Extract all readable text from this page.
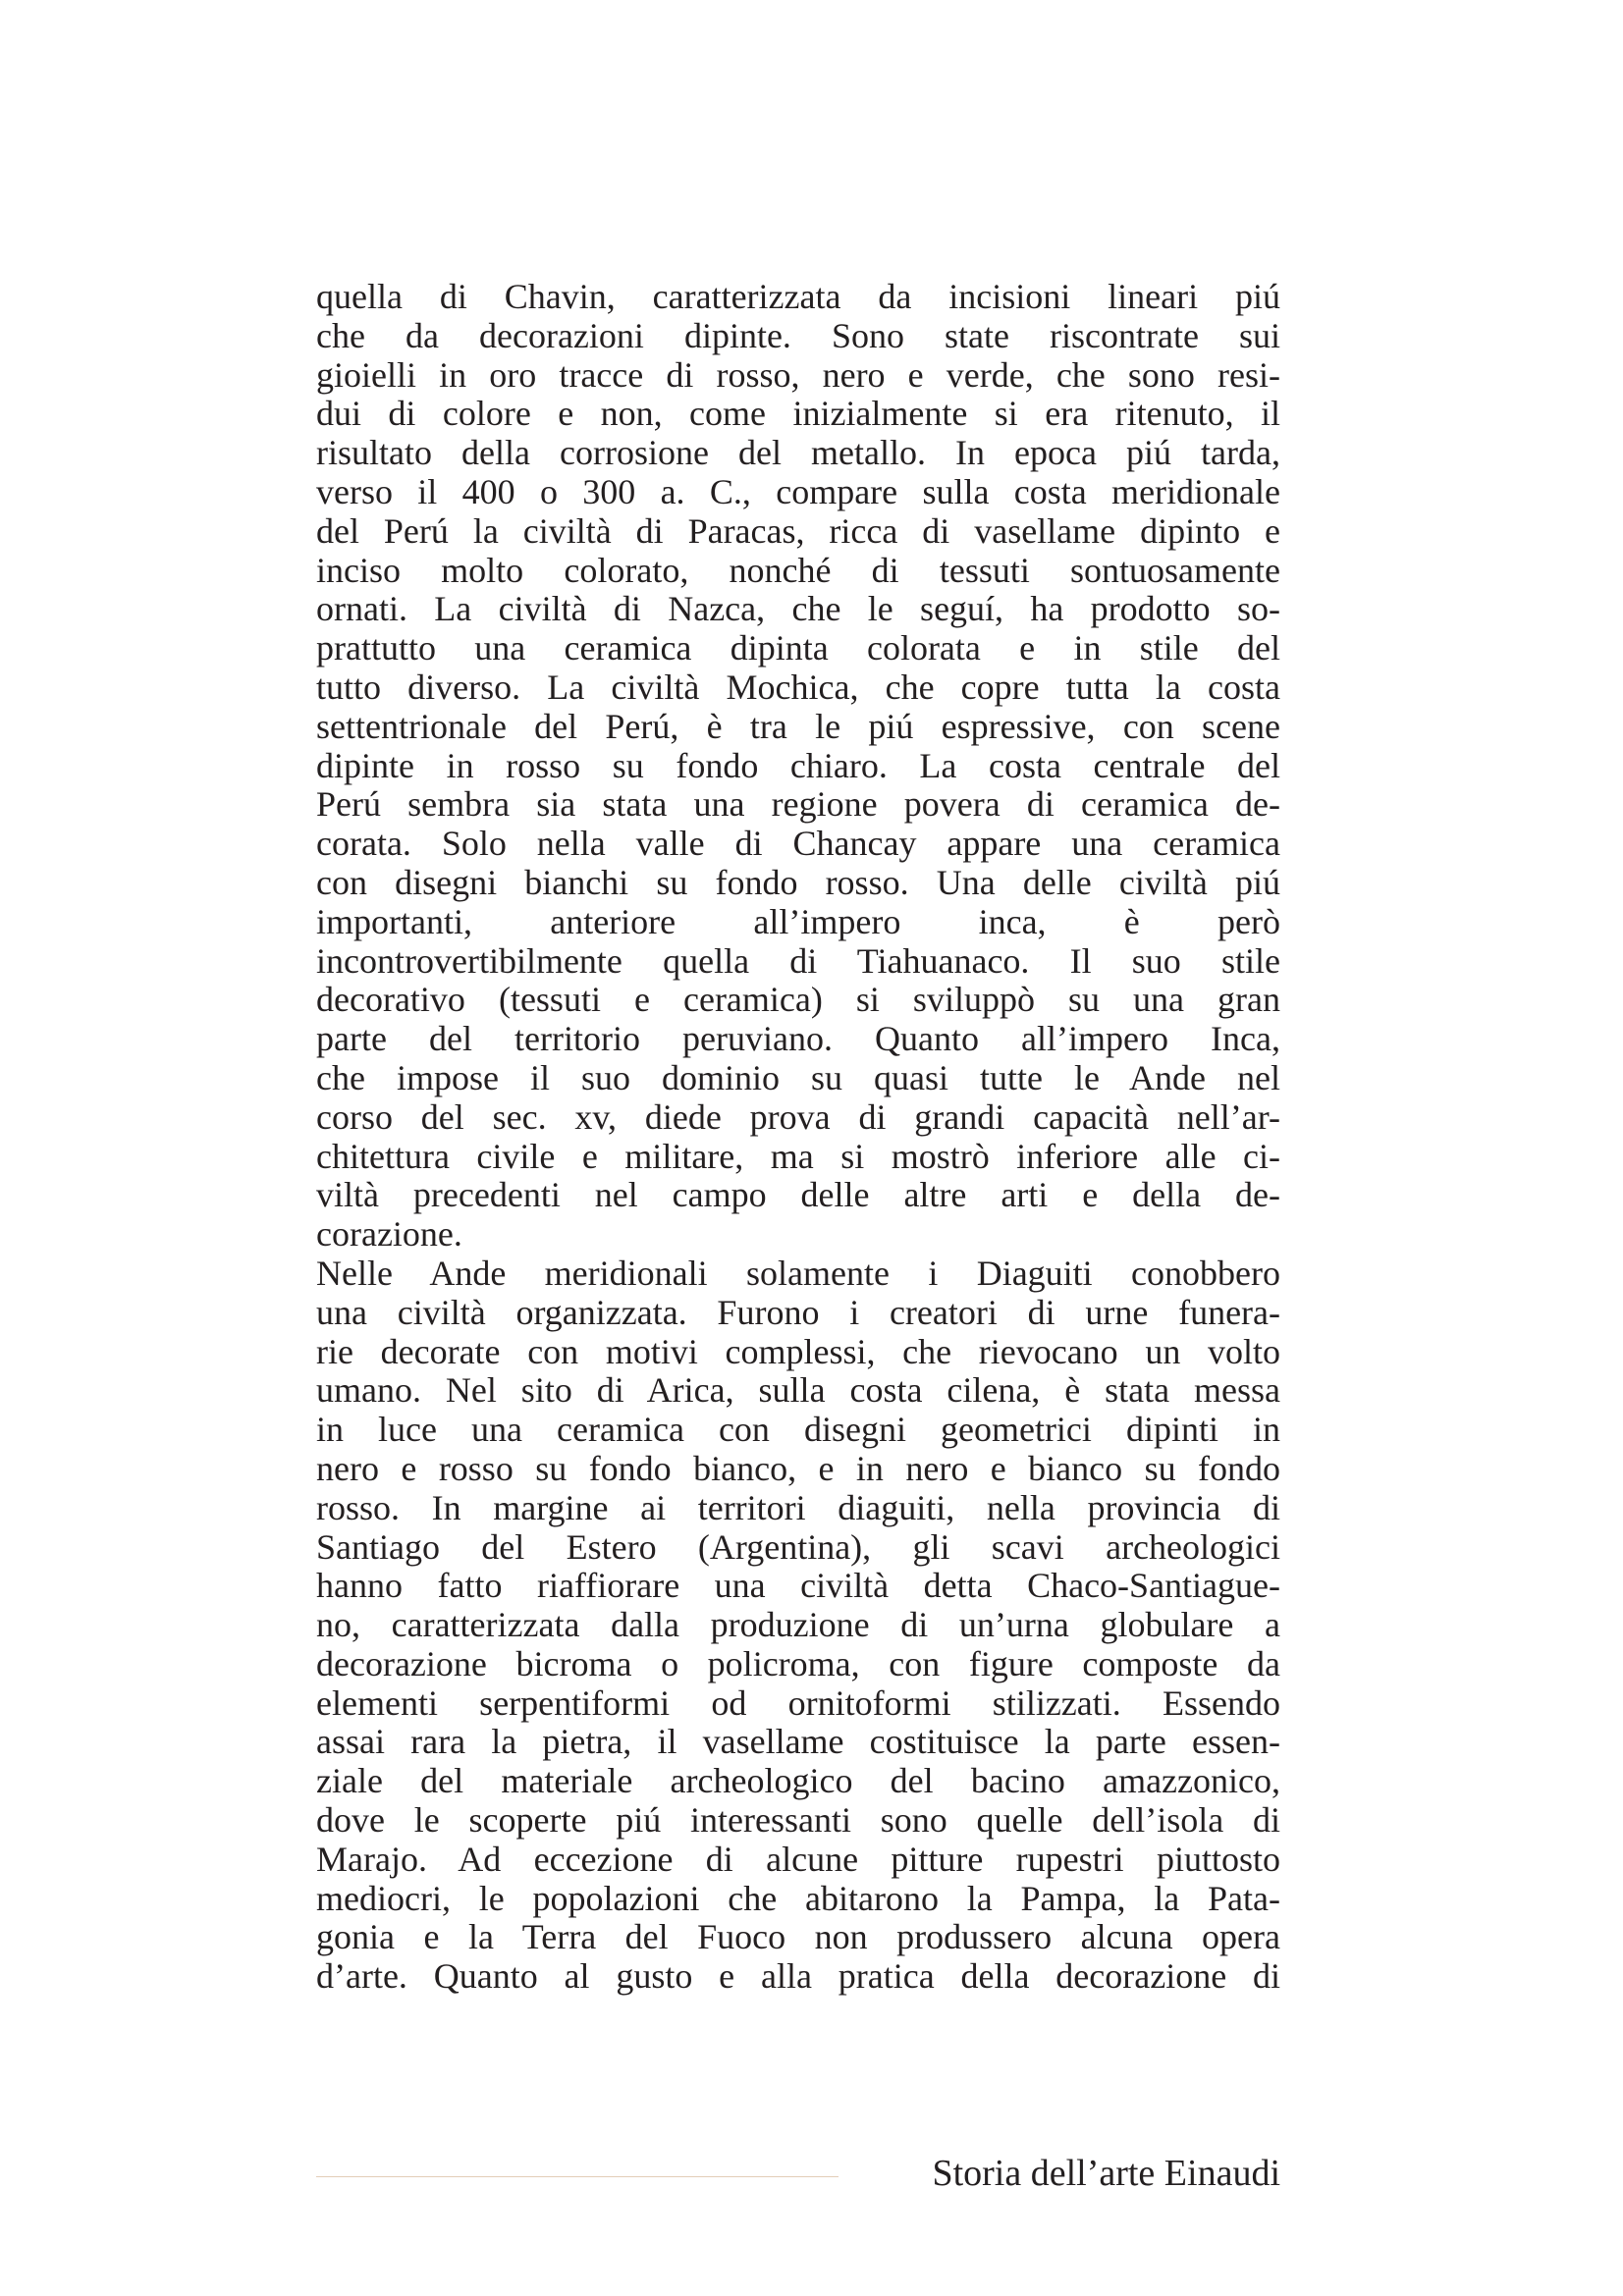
quella di Chavin, caratterizzata da incisioni lineari piú
che da decorazioni dipinte. Sono state riscontrate sui
gioielli in oro tracce di rosso, nero e verde, che sono resi-
dui di colore e non, come inizialmente si era ritenuto, il
risultato della corrosione del metallo. In epoca piú tarda,
verso il 400 o 300 a. C., compare sulla costa meridionale
del Perú la civiltà di Paracas, ricca di vasellame dipinto e
inciso molto colorato, nonché di tessuti sontuosamente
ornati. La civiltà di Nazca, che le seguí, ha prodotto so-
prattutto una ceramica dipinta colorata e in stile del
tutto diverso. La civiltà Mochica, che copre tutta la costa
settentrionale del Perú, è tra le piú espressive, con scene
dipinte in rosso su fondo chiaro. La costa centrale del
Perú sembra sia stata una regione povera di ceramica de-
corata. Solo nella valle di Chancay appare una ceramica
con disegni bianchi su fondo rosso. Una delle civiltà piú
importanti, anteriore all’impero inca, è però
incontrovertibilmente quella di Tiahuanaco. Il suo stile
decorativo (tessuti e ceramica) si sviluppò su una gran
parte del territorio peruviano. Quanto all’impero Inca,
che impose il suo dominio su quasi tutte le Ande nel
corso del sec. xv, diede prova di grandi capacità nell’ar-
chitettura civile e militare, ma si mostrò inferiore alle ci-
viltà precedenti nel campo delle altre arti e della de-
corazione.
Nelle Ande meridionali solamente i Diaguiti conobbero
una civiltà organizzata. Furono i creatori di urne funera-
rie decorate con motivi complessi, che rievocano un volto
umano. Nel sito di Arica, sulla costa cilena, è stata messa
in luce una ceramica con disegni geometrici dipinti in
nero e rosso su fondo bianco, e in nero e bianco su fondo
rosso. In margine ai territori diaguiti, nella provincia di
Santiago del Estero (Argentina), gli scavi archeologici
hanno fatto riaffiorare una civiltà detta Chaco-Santiague-
no, caratterizzata dalla produzione di un’urna globulare a
decorazione bicroma o policroma, con figure composte da
elementi serpentiformi od ornitoformi stilizzati. Essendo
assai rara la pietra, il vasellame costituisce la parte essen-
ziale del materiale archeologico del bacino amazzonico,
dove le scoperte piú interessanti sono quelle dell’isola di
Marajo. Ad eccezione di alcune pitture rupestri piuttosto
mediocri, le popolazioni che abitarono la Pampa, la Pata-
gonia e la Terra del Fuoco non produssero alcuna opera
d’arte. Quanto al gusto e alla pratica della decorazione di
Storia dell’arte Einaudi
